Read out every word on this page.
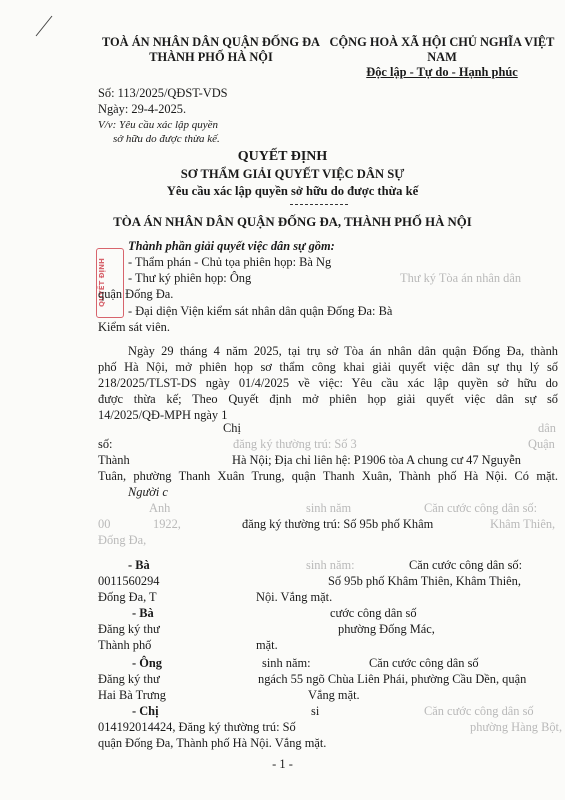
TOÀ ÁN NHÂN DÂN QUẬN ĐỐNG ĐA
THÀNH PHỐ HÀ NỘI
CỘNG HOÀ XÃ HỘI CHỦ NGHĨA VIỆT NAM
Độc lập - Tự do - Hạnh phúc
Số: 113/2025/QĐST-VDS
Ngày: 29-4-2025.
V/v: Yêu cầu xác lập quyền
sở hữu do được thừa kế.
QUYẾT ĐỊNH
SƠ THẨM GIẢI QUYẾT VIỆC DÂN SỰ
Yêu cầu xác lập quyền sở hữu do được thừa kế
TÒA ÁN NHÂN DÂN QUẬN ĐỐNG ĐA, THÀNH PHỐ HÀ NỘI
QUYẾT ĐỊNH
Thành phần giải quyết việc dân sự gồm:
- Thẩm phán - Chủ tọa phiên họp: Bà Ng
- Thư ký phiên họp: Ông	Thư ký Tòa án nhân dân
quận Đống Đa.
- Đại diện Viện kiểm sát nhân dân quận Đống Đa: Bà
Kiểm sát viên.
Ngày 29 tháng 4 năm 2025, tại trụ sở Tòa án nhân dân quận Đống Đa, thành
phố Hà Nội, mở phiên họp sơ thẩm công khai giải quyết việc dân sự thụ lý số
218/2025/TLST-DS ngày 01/4/2025 về việc: Yêu cầu xác lập quyền sở hữu do
được thừa kế; Theo Quyết định mở phiên họp giải quyết việc dân sự số
14/2025/QĐ-MPH ngày 1
Chị	dân
số:	đăng ký thường trú: Số 3	Quận
Thành	Hà Nội; Địa chỉ liên hệ: P1906 tòa A chung cư 47 Nguyễn
Tuân, phường Thanh Xuân Trung, quận Thanh Xuân, Thành phố Hà Nội. Có mặt.
Người c
Anh	sinh năm	Căn cước công dân số:
00	1922,	đăng ký thường trú: Số 95b phố Khâm	Khâm Thiên,
Đống Đa,
- Bà	sinh năm:	Căn cước công dân số:
0011560294	Số 95b phố Khâm Thiên, Khâm Thiên,
Đống Đa, T	Nội. Vắng mặt.
- Bà	cước công dân số
Đăng ký thư	phường Đống Mác,
Thành phố	mặt.
- Ông	sinh năm:	Căn cước công dân số
Đăng ký thư	ngách 55 ngõ Chùa Liên Phái, phường Cầu Dền, quận
Hai Bà Trưng	Vắng mặt.
- Chị	si	Căn cước công dân số
014192014424, Đăng ký thường trú: Số	phường Hàng Bột,
quận Đống Đa, Thành phố Hà Nội. Vắng mặt.
- 1 -
